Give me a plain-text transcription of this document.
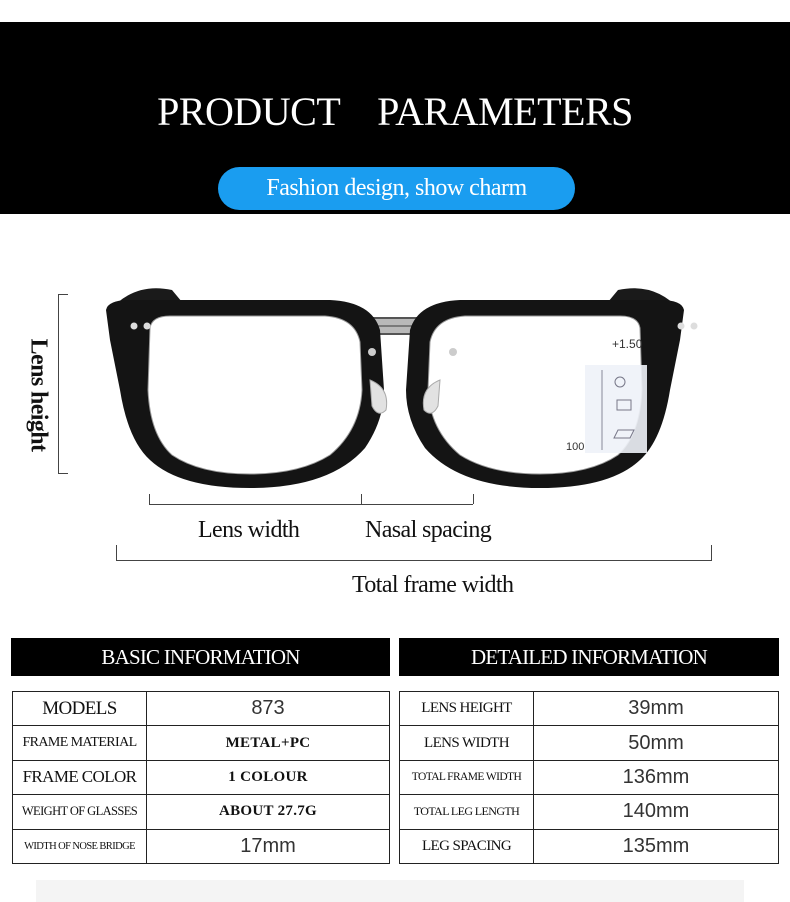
PRODUCT PARAMETERS
Fashion design, show charm
+1.50
100
Lens height
Lens width	Nasal spacing
Total frame width
BASIC INFORMATION
MODELS	873
FRAME MATERIAL	METAL+PC
FRAME COLOR	1 COLOUR
WEIGHT OF GLASSES	ABOUT 27.7G
WIDTH OF NOSE BRIDGE	17mm
DETAILED INFORMATION
LENS HEIGHT	39mm
LENS WIDTH	50mm
TOTAL FRAME WIDTH	136mm
TOTAL LEG LENGTH	140mm
LEG SPACING	135mm
